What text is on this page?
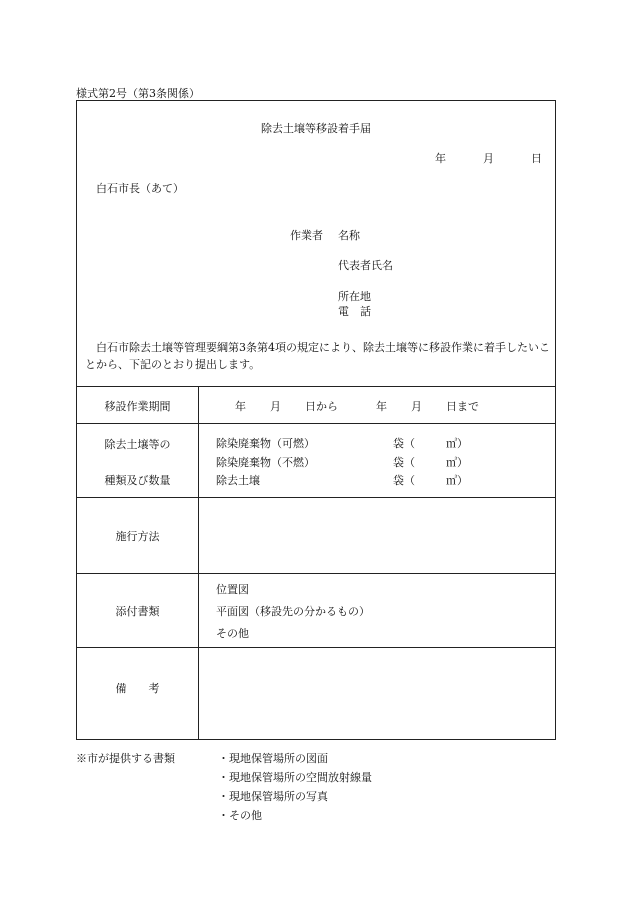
様式第2号（第3条関係）
除去土壌等移設着手届
年	月	日
白石市長（あて）
作業者 名称
代表者氏名
所在地
電　話
白石市除去土壌等管理要綱第3条第4項の規定により、除去土壌等に移設作業に着手したいことから、下記のとおり提出します。
移設作業期間	年 月 日から	年 月 日まで
除去土壌等の
種類及び数量
除染廃棄物（可燃）	袋（	㎥）
除染廃棄物（不燃）	袋（	㎥）
除去土壌	袋（	㎥）
施行方法
添付書類
位置図
平面図（移設先の分かるもの）
その他
備　　考
※市が提供する書類	・現地保管場所の図面
・現地保管場所の空間放射線量
・現地保管場所の写真
・その他
